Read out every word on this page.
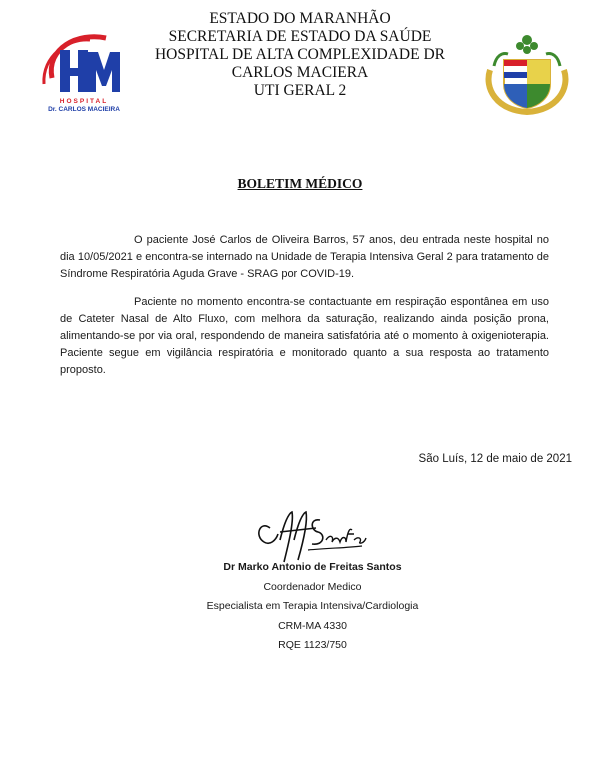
HOSPITAL
Dr. CARLOS MACIEIRA
ESTADO DO MARANHÃO
SECRETARIA DE ESTADO DA SAÚDE
HOSPITAL DE ALTA COMPLEXIDADE DR
CARLOS MACIERA
UTI GERAL 2
BOLETIM MÉDICO

O paciente José Carlos de Oliveira Barros, 57 anos, deu entrada neste hospital no dia 10/05/2021 e encontra-se internado na Unidade de Terapia Intensiva Geral 2 para tratamento de Síndrome Respiratória Aguda Grave - SRAG por COVID-19.

Paciente no momento encontra-se contactuante em respiração espontânea em uso de Cateter Nasal de Alto Fluxo, com melhora da saturação, realizando ainda posição prona, alimentando-se por via oral, respondendo de maneira satisfatória até o momento à oxigenioterapia. Paciente segue em vigilância respiratória e monitorado quanto a sua resposta ao tratamento proposto.

São Luís, 12 de maio de 2021
Dr Marko Antonio de Freitas Santos
Coordenador Medico
Especialista em Terapia Intensiva/Cardiologia
CRM-MA 4330
RQE 1123/750
